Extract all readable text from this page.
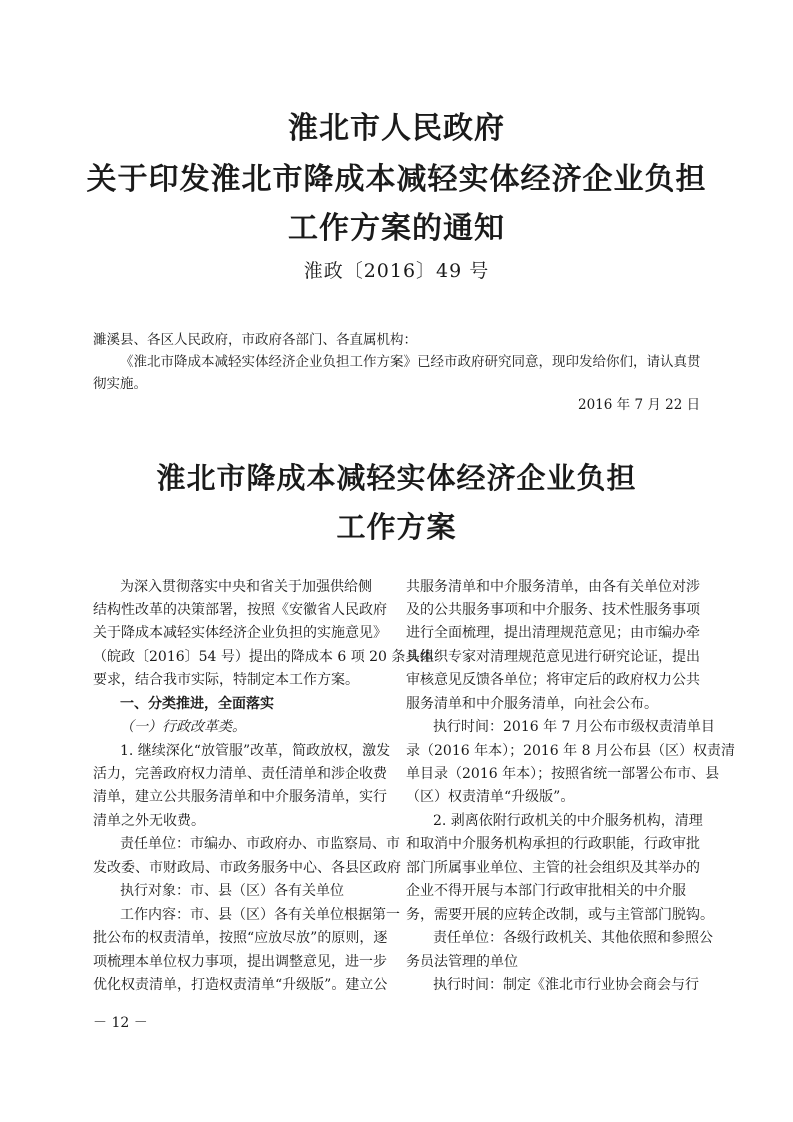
淮北市人民政府
关于印发淮北市降成本减轻实体经济企业负担
工作方案的通知
淮政〔2016〕49 号
濉溪县、各区人民政府，市政府各部门、各直属机构：
《淮北市降成本减轻实体经济企业负担工作方案》已经市政府研究同意，现印发给你们，请认真贯
彻实施。
2016 年 7 月 22 日
淮北市降成本减轻实体经济企业负担
工作方案
为深入贯彻落实中央和省关于加强供给侧
结构性改革的决策部署，按照《安徽省人民政府
关于降成本减轻实体经济企业负担的实施意见》
（皖政〔2016〕54 号）提出的降成本 6 项 20 条具体
要求，结合我市实际，特制定本工作方案。
一、分类推进，全面落实
（一）行政改革类。
1. 继续深化“放管服”改革，简政放权，激发
活力，完善政府权力清单、责任清单和涉企收费
清单，建立公共服务清单和中介服务清单，实行
清单之外无收费。
责任单位：市编办、市政府办、市监察局、市
发改委、市财政局、市政务服务中心、各县区政府
执行对象：市、县（区）各有关单位
工作内容：市、县（区）各有关单位根据第一
批公布的权责清单，按照“应放尽放”的原则，逐
项梳理本单位权力事项，提出调整意见，进一步
优化权责清单，打造权责清单“升级版”。建立公
共服务清单和中介服务清单，由各有关单位对涉
及的公共服务事项和中介服务、技术性服务事项
进行全面梳理，提出清理规范意见；由市编办牵
头组织专家对清理规范意见进行研究论证，提出
审核意见反馈各单位；将审定后的政府权力公共
服务清单和中介服务清单，向社会公布。
执行时间：2016 年 7 月公布市级权责清单目
录（2016 年本）；2016 年 8 月公布县（区）权责清
单目录（2016 年本）；按照省统一部署公布市、县
（区）权责清单“升级版”。
2. 剥离依附行政机关的中介服务机构，清理
和取消中介服务机构承担的行政职能，行政审批
部门所属事业单位、主管的社会组织及其举办的
企业不得开展与本部门行政审批相关的中介服
务，需要开展的应转企改制，或与主管部门脱钩。
责任单位：各级行政机关、其他依照和参照公
务员法管理的单位
执行时间：制定《淮北市行业协会商会与行
－ 12 －
